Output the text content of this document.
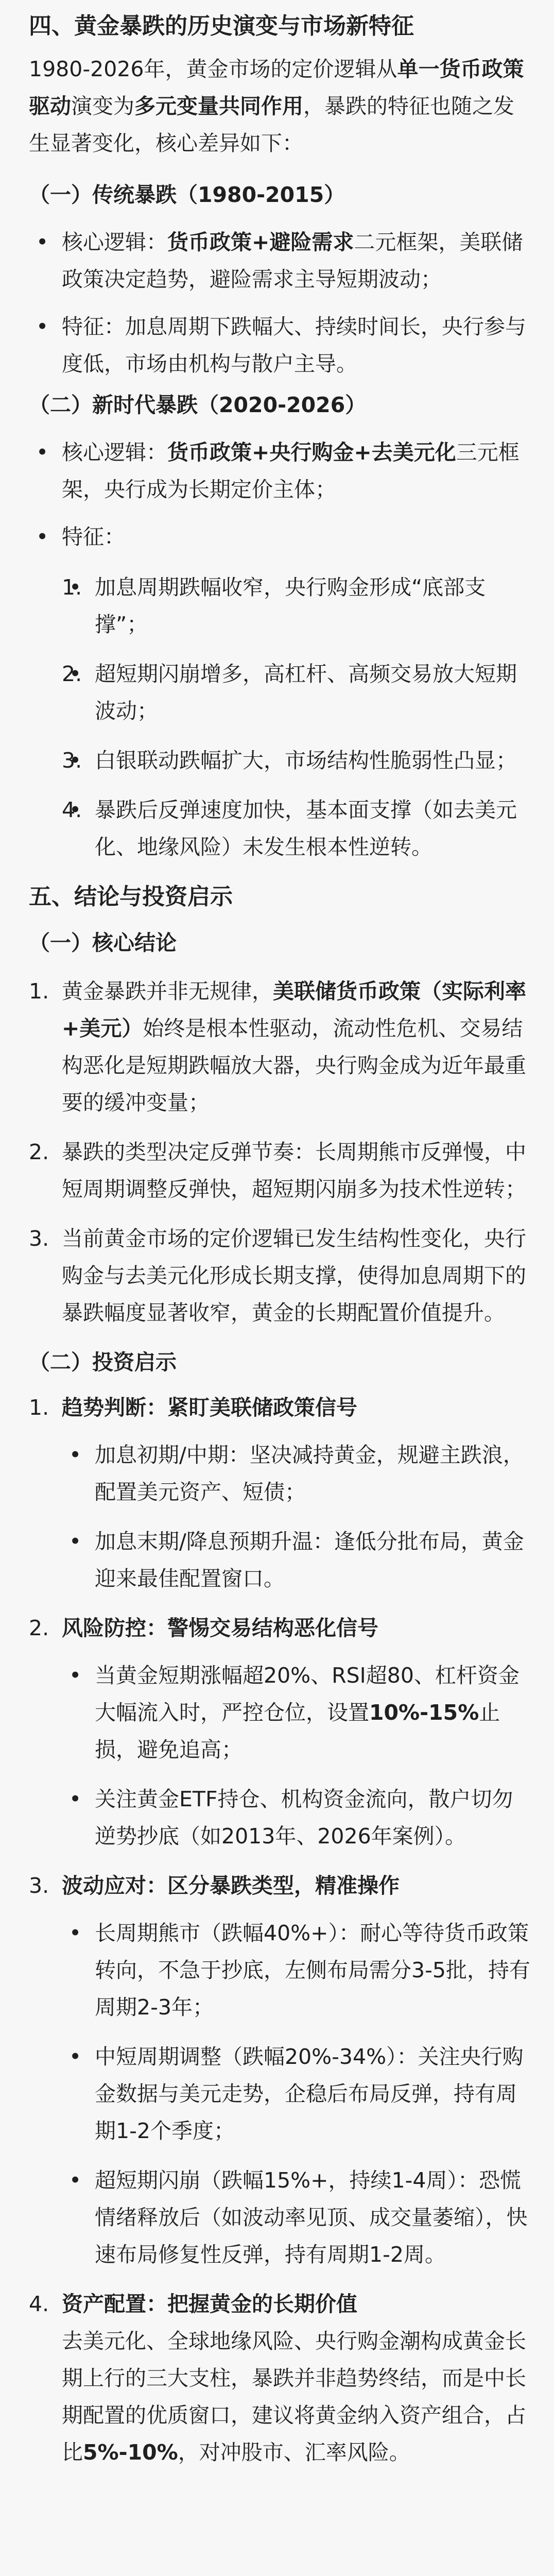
四、黄金暴跌的历史演变与市场新特征

1980-2026年，黄金市场的定价逻辑从单一货币政策驱动演变为多元变量共同作用，暴跌的特征也随之发生显著变化，核心差异如下：

（一）传统暴跌（1980-2015）
• 核心逻辑：货币政策+避险需求二元框架，美联储政策决定趋势，避险需求主导短期波动；
• 特征：加息周期下跌幅大、持续时间长，央行参与度低，市场由机构与散户主导。
（二）新时代暴跌（2020-2026）
• 核心逻辑：货币政策+央行购金+去美元化三元框架，央行成为长期定价主体；
• 特征：
• 1. 加息周期跌幅收窄，央行购金形成“底部支撑”；
• 2. 超短期闪崩增多，高杠杆、高频交易放大短期波动；
• 3. 白银联动跌幅扩大，市场结构性脆弱性凸显；
• 4. 暴跌后反弹速度加快，基本面支撑（如去美元化、地缘风险）未发生根本性逆转。
五、结论与投资启示
（一）核心结论
1. 黄金暴跌并非无规律，美联储货币政策（实际利率+美元）始终是根本性驱动，流动性危机、交易结构恶化是短期跌幅放大器，央行购金成为近年最重要的缓冲变量；
2. 暴跌的类型决定反弹节奏：长周期熊市反弹慢，中短周期调整反弹快，超短期闪崩多为技术性逆转；
3. 当前黄金市场的定价逻辑已发生结构性变化，央行购金与去美元化形成长期支撑，使得加息周期下的暴跌幅度显著收窄，黄金的长期配置价值提升。
（二）投资启示
1. 趋势判断：紧盯美联储政策信号
• 加息初期/中期：坚决减持黄金，规避主跌浪，配置美元资产、短债；
• 加息末期/降息预期升温：逢低分批布局，黄金迎来最佳配置窗口。
2. 风险防控：警惕交易结构恶化信号
• 当黄金短期涨幅超20%、RSI超80、杠杆资金大幅流入时，严控仓位，设置10%-15%止损，避免追高；
• 关注黄金ETF持仓、机构资金流向，散户切勿逆势抄底（如2013年、2026年案例）。
3. 波动应对：区分暴跌类型，精准操作
• 长周期熊市（跌幅40%+）：耐心等待货币政策转向，不急于抄底，左侧布局需分3-5批，持有周期2-3年；
• 中短周期调整（跌幅20%-34%）：关注央行购金数据与美元走势，企稳后布局反弹，持有周期1-2个季度；
• 超短期闪崩（跌幅15%+，持续1-4周）：恐慌情绪释放后（如波动率见顶、成交量萎缩），快速布局修复性反弹，持有周期1-2周。
4. 资产配置：把握黄金的长期价值
去美元化、全球地缘风险、央行购金潮构成黄金长期上行的三大支柱，暴跌并非趋势终结，而是中长期配置的优质窗口，建议将黄金纳入资产组合，占比5%-10%，对冲股市、汇率风险。
